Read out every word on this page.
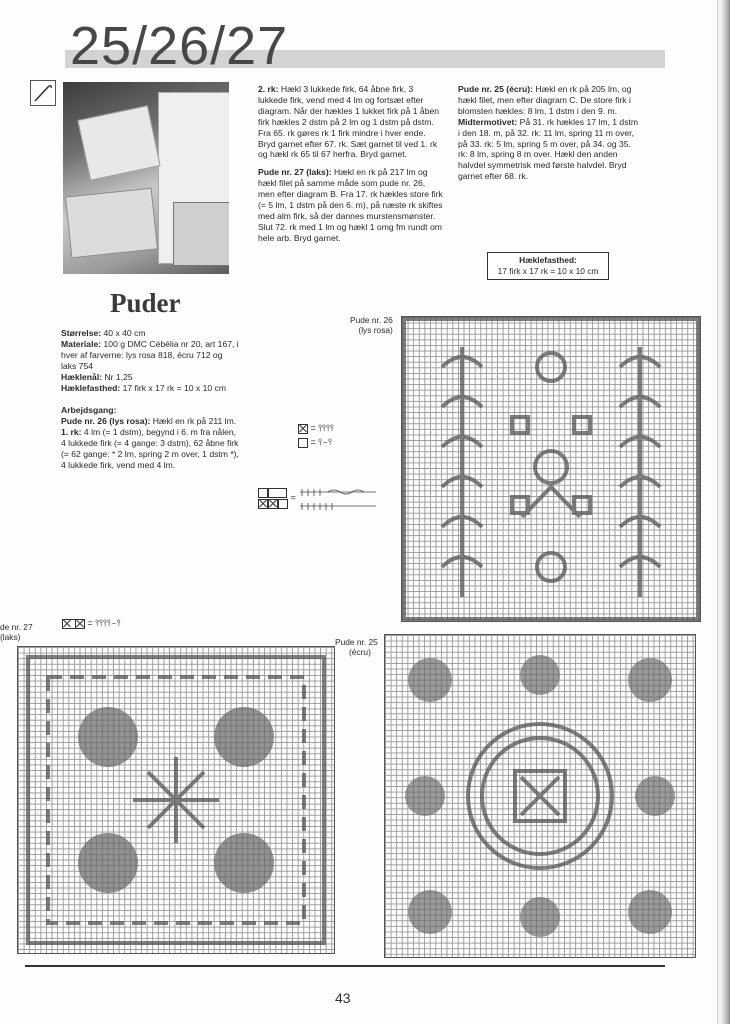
25/26/27

2. rk: Hækl 3 lukkede firk, 64 åbne firk, 3 lukkede firk, vend med 4 lm og fortsæt efter diagram. Når der hækles 1 lukket firk på 1 åben firk hækles 2 dstm på 2 lm og 1 dstm på dstm. Fra 65. rk gøres rk 1 firk mindre i hver ende. Bryd garnet efter 67. rk. Sæt garnet til ved 1. rk og hækl rk 65 til 67 herfra. Bryd garnet.

Pude nr. 27 (laks): Hækl en rk på 217 lm og hækl filet på samme måde som pude nr. 26, men efter diagram B. Fra 17. rk hækles store firk (= 5 lm, 1 dstm på den 6. m), på næste rk skiftes med alm firk, så der dannes murstensmønster. Slut 72. rk med 1 lm og hækl 1 omg fm rundt om hele arb. Bryd garnet.

Pude nr. 25 (écru): Hækl en rk på 205 lm, og hækl filet, men efter diagram C. De store firk i blomsten hækles: 8 lm, 1 dstm i den 9. m.

Midtermotivet: På 31. rk hækles 17 lm, 1 dstm i den 18. m, på 32. rk: 11 lm, spring 11 m over, på 33. rk: 5 lm, spring 5 m over, på 34. og 35. rk: 8 lm, spring 8 m over. Hækl den anden halvdel symmetrisk med første halvdel. Bryd garnet efter 68. rk.

Hæklefasthed:
17 firk x 17 rk = 10 x 10 cm
Puder

Størrelse: 40 x 40 cm
Materiale: 100 g DMC Cébélia nr 20, art 167, i hver af farverne: lys rosa 818, écru 712 og laks 754
Hæklenål: Nr 1,25
Hæklefasthed: 17 firk x 17 rk = 10 x 10 cm

Arbejdsgang:
Pude nr. 26 (lys rosa): Hækl en rk på 211 lm.
1. rk: 4 lm (= 1 dstm), begynd i 6. m fra nålen, 4 lukkede firk (= 4 gange: 3 dstm), 62 åbne firk (= 62 gange: * 2 lm, spring 2 m over, 1 dstm *), 4 lukkede firk, vend med 4 lm.

= ⫯⫯⫯⫯
= ⫯⌢⫯
=
= ⫯⫯⫯⫯⌢⫯
Pude nr. 26
(lys rosa)
de nr. 27
(laks)	Pude nr. 25
(écru)
43
